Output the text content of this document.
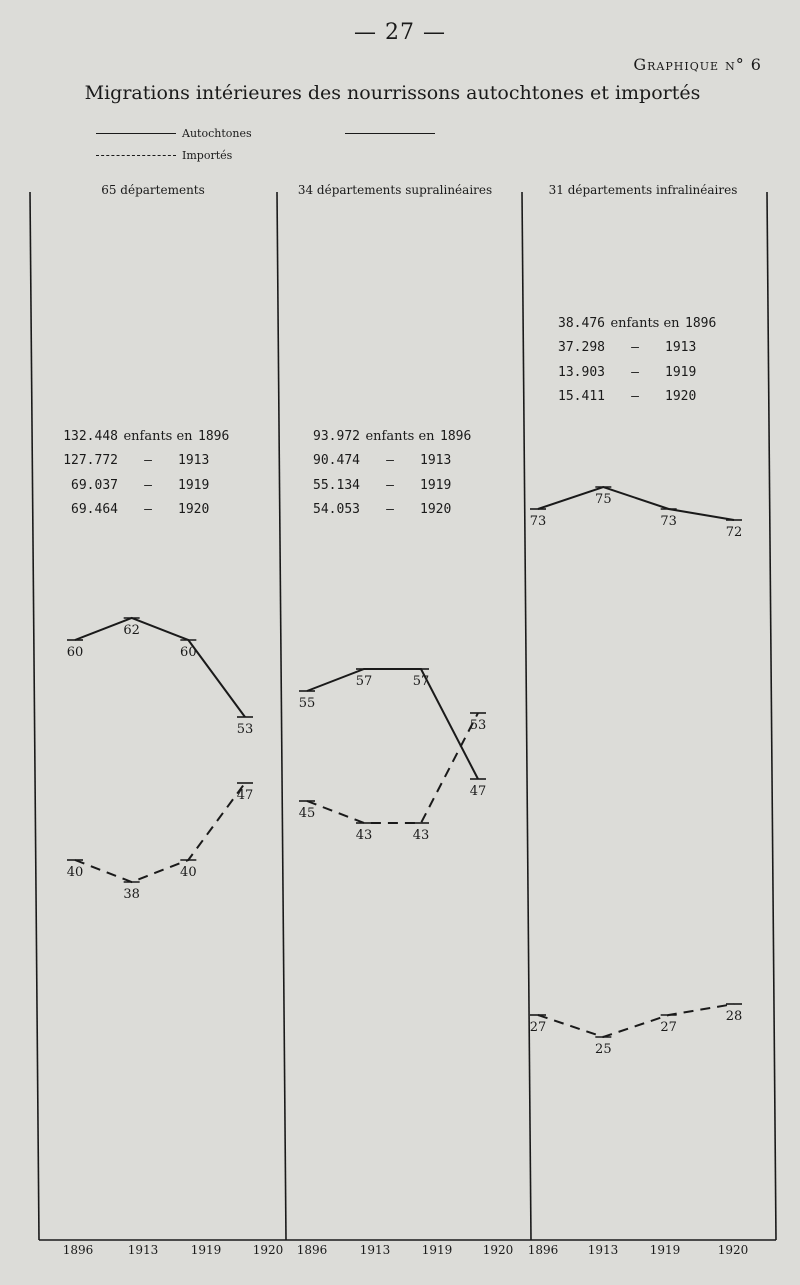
— 27 —
Graphique n° 6
Migrations intérieures des nourrissons autochtones et importés
Autochtones
Importés
1896	1913	1919	1920 1896	1913	1919	1920 1896 1913	1919	1920
65 départements	34 départements supralinéaires	31 départements infralinéaires
60
62
60
53
40
38
40
47
55
57	57
47
45
43	43
53
73
75
73
72
27
25
27
28
132.448 enfants en 1896
127.772	—	1913
69.037	—	1919
69.464	—	1920
93.972 enfants en 1896
90.474	—	1913
55.134	—	1919
54.053	—	1920
38.476 enfants en 1896
37.298	—	1913
13.903	—	1919
15.411	—	1920
